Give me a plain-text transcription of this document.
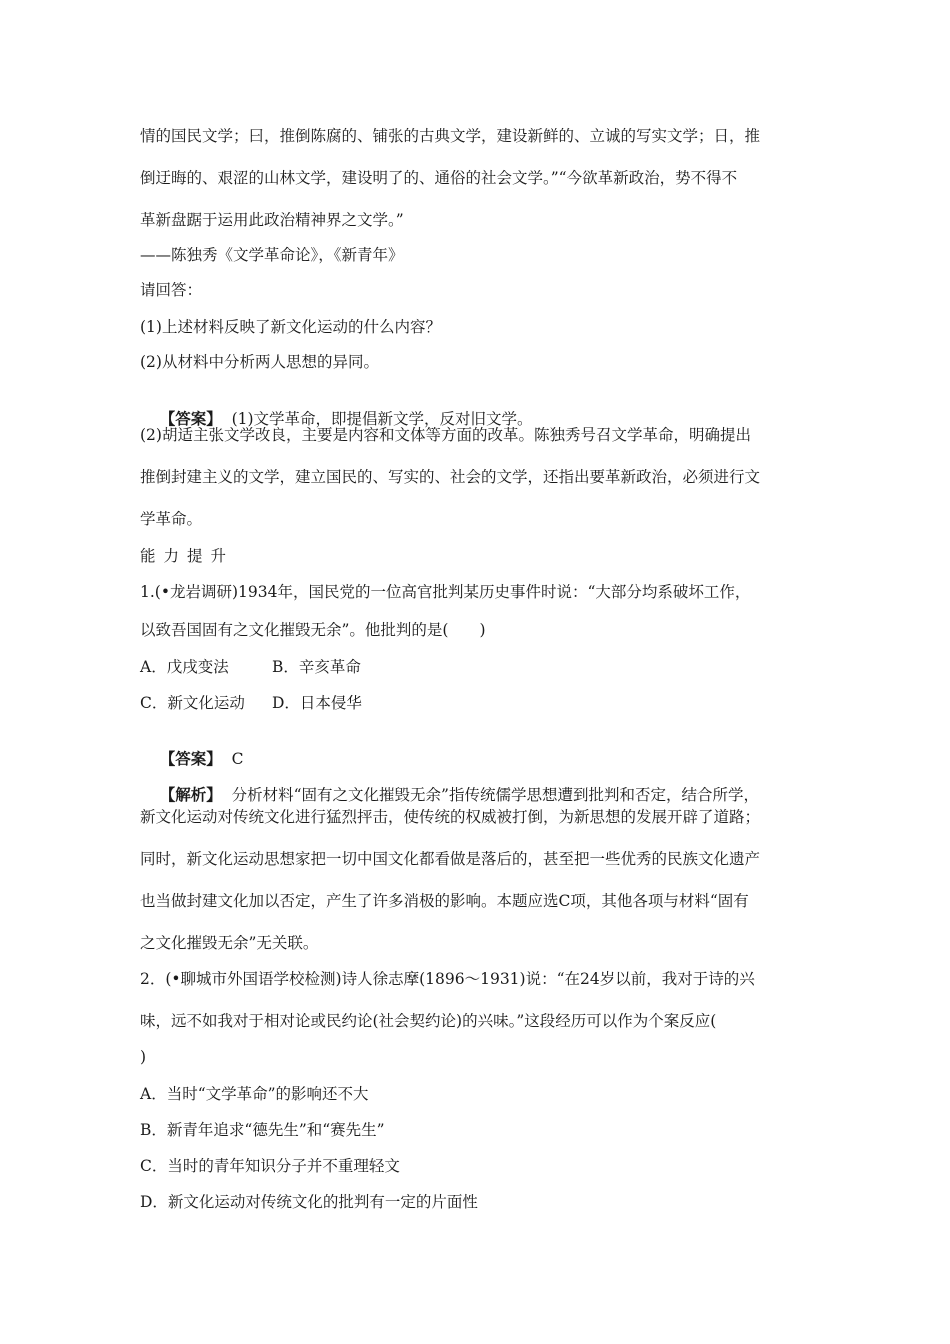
情的国民文学；曰，推倒陈腐的、铺张的古典文学，建设新鲜的、立诚的写实文学；日，推
倒迂晦的、艰涩的山林文学，建设明了的、通俗的社会文学。”“今欲革新政治，势不得不
革新盘踞于运用此政治精神界之文学。”
——陈独秀《文学革命论》，《新青年》
请回答：
(1)上述材料反映了新文化运动的什么内容？
(2)从材料中分析两人思想的异同。

【答案】 (1)文学革命，即提倡新文学，反对旧文学。

(2)胡适主张文学改良，主要是内容和文体等方面的改革。陈独秀号召文学革命，明确提出
推倒封建主义的文学，建立国民的、写实的、社会的文学，还指出要革新政治，必须进行文
学革命。
能力提升
1.(•龙岩调研)1934年，国民党的一位高官批判某历史事件时说：“大部分均系破坏工作，
以致吾国固有之文化摧毁无余”。他批判的是(　　)
A．戊戌变法	B．辛亥革命
C．新文化运动 D．日本侵华

【答案】 C

【解析】 分析材料“固有之文化摧毁无余”指传统儒学思想遭到批判和否定，结合所学，

新文化运动对传统文化进行猛烈抨击，使传统的权威被打倒，为新思想的发展开辟了道路；
同时，新文化运动思想家把一切中国文化都看做是落后的，甚至把一些优秀的民族文化遗产
也当做封建文化加以否定，产生了许多消极的影响。本题应选C项，其他各项与材料“固有
之文化摧毁无余”无关联。
2．(•聊城市外国语学校检测)诗人徐志摩(1896～1931)说：“在24岁以前，我对于诗的兴
味，远不如我对于相对论或民约论(社会契约论)的兴味。”这段经历可以作为个案反应(
)
A．当时“文学革命”的影响还不大
B．新青年追求“德先生”和“赛先生”
C．当时的青年知识分子并不重理轻文
D．新文化运动对传统文化的批判有一定的片面性
